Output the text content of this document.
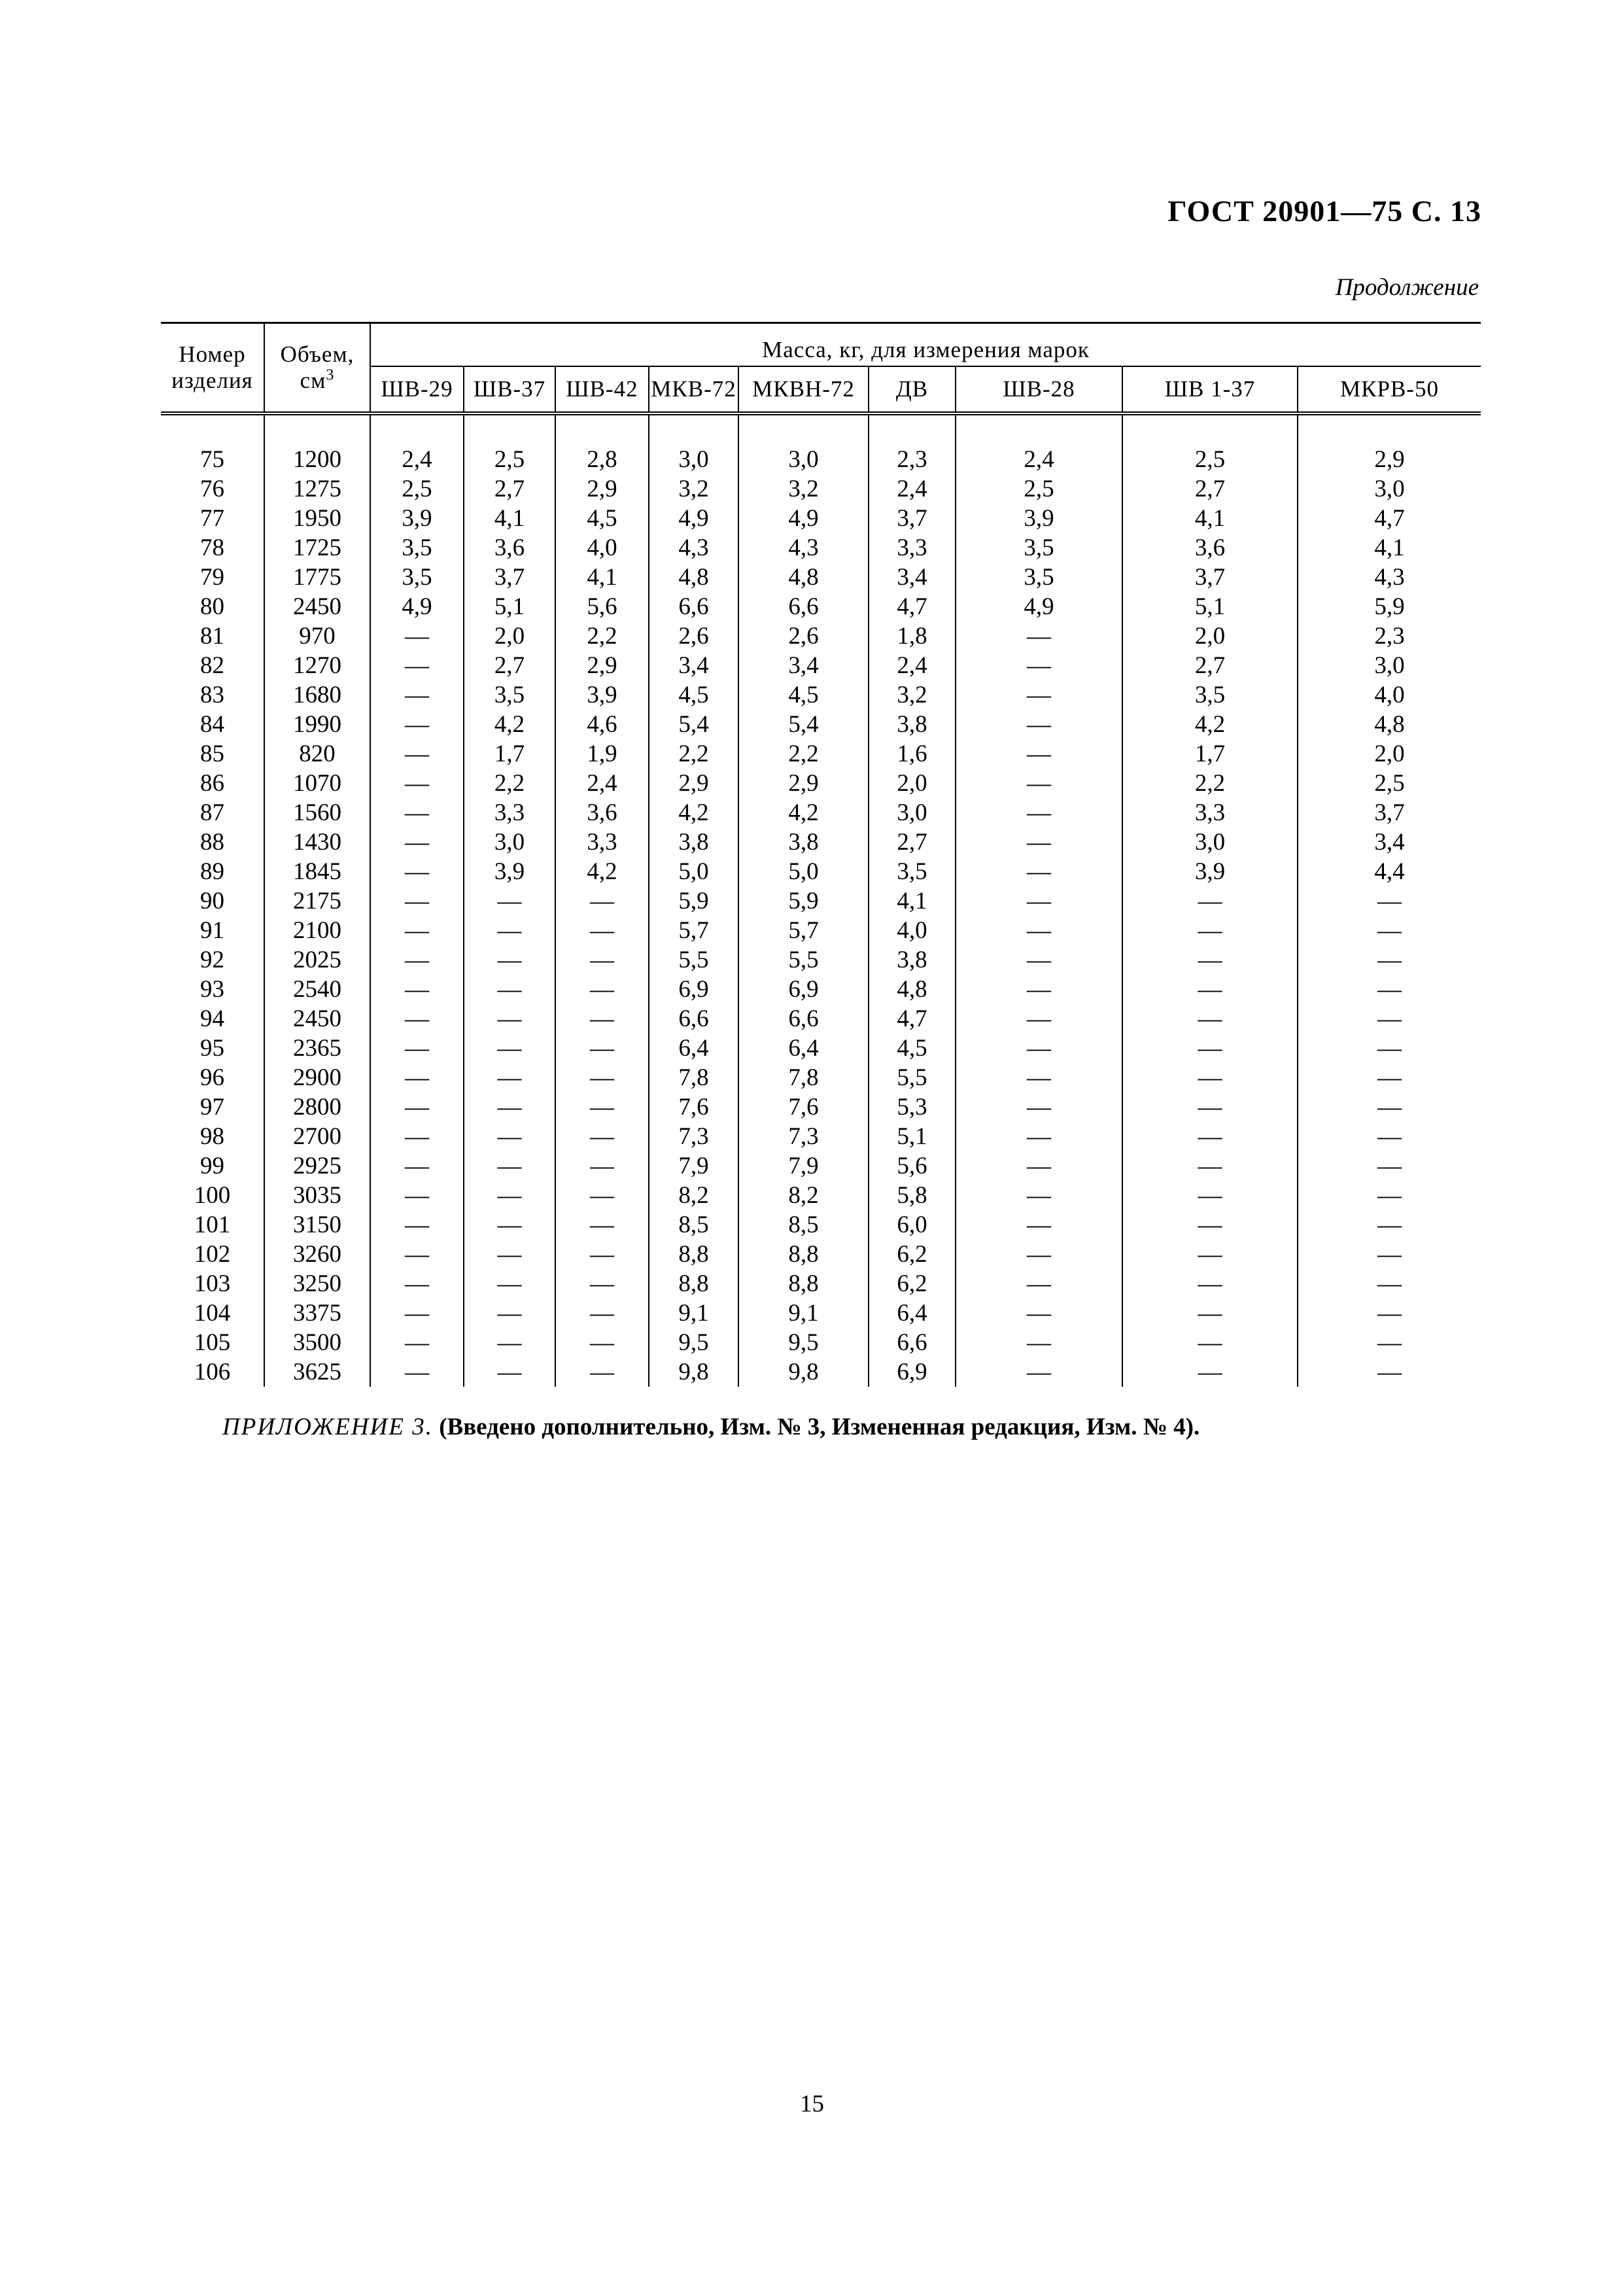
ГОСТ 20901—75 С. 13
Продолжение
Номер изделия	Объем, $см^3$	Масса, кг, для измерения марок								
		ШВ-29	ШВ-37	ШВ-42	МКВ-72	МКВН-72	ДВ	ШВ-28	ШВ 1-37	МКРВ-50

75	1200	2,4	2,5	2,8	3,0	3,0	2,3	2,4	2,5	2,9
76	1275	2,5	2,7	2,9	3,2	3,2	2,4	2,5	2,7	3,0
77	1950	3,9	4,1	4,5	4,9	4,9	3,7	3,9	4,1	4,7
78	1725	3,5	3,6	4,0	4,3	4,3	3,3	3,5	3,6	4,1
79	1775	3,5	3,7	4,1	4,8	4,8	3,4	3,5	3,7	4,3
80	2450	4,9	5,1	5,6	6,6	6,6	4,7	4,9	5,1	5,9
81	970	—	2,0	2,2	2,6	2,6	1,8	—	2,0	2,3
82	1270	—	2,7	2,9	3,4	3,4	2,4	—	2,7	3,0
83	1680	—	3,5	3,9	4,5	4,5	3,2	—	3,5	4,0
84	1990	—	4,2	4,6	5,4	5,4	3,8	—	4,2	4,8
85	820	—	1,7	1,9	2,2	2,2	1,6	—	1,7	2,0
86	1070	—	2,2	2,4	2,9	2,9	2,0	—	2,2	2,5
87	1560	—	3,3	3,6	4,2	4,2	3,0	—	3,3	3,7
88	1430	—	3,0	3,3	3,8	3,8	2,7	—	3,0	3,4
89	1845	—	3,9	4,2	5,0	5,0	3,5	—	3,9	4,4
90	2175	—	—	—	5,9	5,9	4,1	—	—	—
91	2100	—	—	—	5,7	5,7	4,0	—	—	—
92	2025	—	—	—	5,5	5,5	3,8	—	—	—
93	2540	—	—	—	6,9	6,9	4,8	—	—	—
94	2450	—	—	—	6,6	6,6	4,7	—	—	—
95	2365	—	—	—	6,4	6,4	4,5	—	—	—
96	2900	—	—	—	7,8	7,8	5,5	—	—	—
97	2800	—	—	—	7,6	7,6	5,3	—	—	—
98	2700	—	—	—	7,3	7,3	5,1	—	—	—
99	2925	—	—	—	7,9	7,9	5,6	—	—	—
100	3035	—	—	—	8,2	8,2	5,8	—	—	—
101	3150	—	—	—	8,5	8,5	6,0	—	—	—
102	3260	—	—	—	8,8	8,8	6,2	—	—	—
103	3250	—	—	—	8,8	8,8	6,2	—	—	—
104	3375	—	—	—	9,1	9,1	6,4	—	—	—
105	3500	—	—	—	9,5	9,5	6,6	—	—	—
106	3625	—	—	—	9,8	9,8	6,9	—	—	—
ПРИЛОЖЕНИЕ 3. (Введено дополнительно, Изм. № 3, Измененная редакция, Изм. № 4).
15
